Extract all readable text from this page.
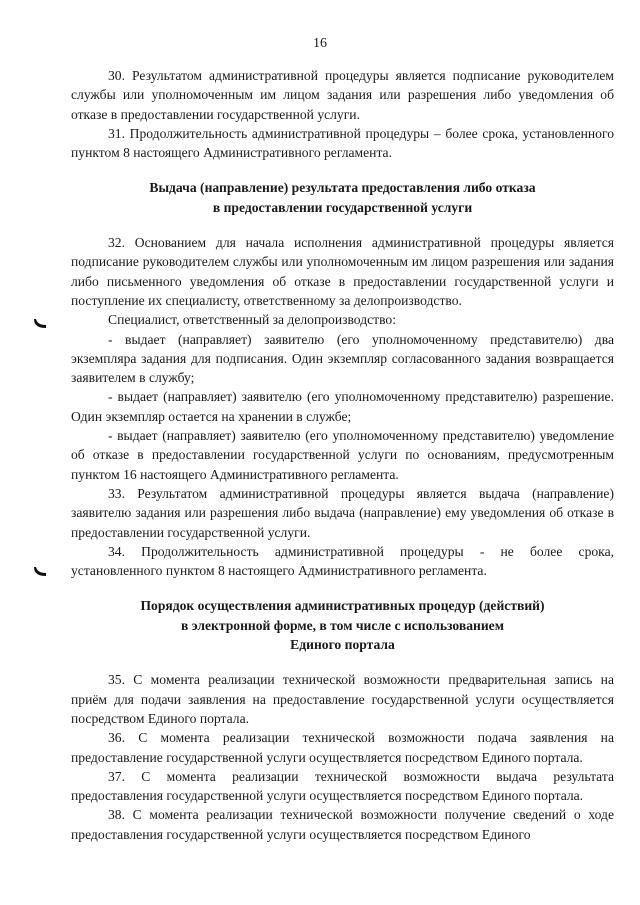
16

30. Результатом административной процедуры является подписание руководителем службы или уполномоченным им лицом задания или разрешения либо уведомления об отказе в предоставлении государственной услуги.

31. Продолжительность административной процедуры – более срока, установленного пунктом 8 настоящего Административного регламента.

Выдача (направление) результата предоставления либо отказа
в предоставлении государственной услуги

32. Основанием для начала исполнения административной процедуры является подписание руководителем службы или уполномоченным им лицом разрешения или задания либо письменного уведомления об отказе в предоставлении государственной услуги и поступление их специалисту, ответственному за делопроизводство.

Специалист, ответственный за делопроизводство:

- выдает (направляет) заявителю (его уполномоченному представителю) два экземпляра задания для подписания. Один экземпляр согласованного задания возвращается заявителем в службу;

- выдает (направляет) заявителю (его уполномоченному представителю) разрешение. Один экземпляр остается на хранении в службе;

- выдает (направляет) заявителю (его уполномоченному представителю) уведомление об отказе в предоставлении государственной услуги по основаниям, предусмотренным пунктом 16 настоящего Административного регламента.

33. Результатом административной процедуры является выдача (направление) заявителю задания или разрешения либо выдача (направление) ему уведомления об отказе в предоставлении государственной услуги.

34. Продолжительность административной процедуры - не более срока, установленного пунктом 8 настоящего Административного регламента.

Порядок осуществления административных процедур (действий)
в электронной форме, в том числе с использованием
Единого портала

35. С момента реализации технической возможности предварительная запись на приём для подачи заявления на предоставление государственной услуги осуществляется посредством Единого портала.

36. С момента реализации технической возможности подача заявления на предоставление государственной услуги осуществляется посредством Единого портала.

37. С момента реализации технической возможности выдача результата предоставления государственной услуги осуществляется посредством Единого портала.

38. С момента реализации технической возможности получение сведений о ходе предоставления государственной услуги осуществляется посредством Единого
